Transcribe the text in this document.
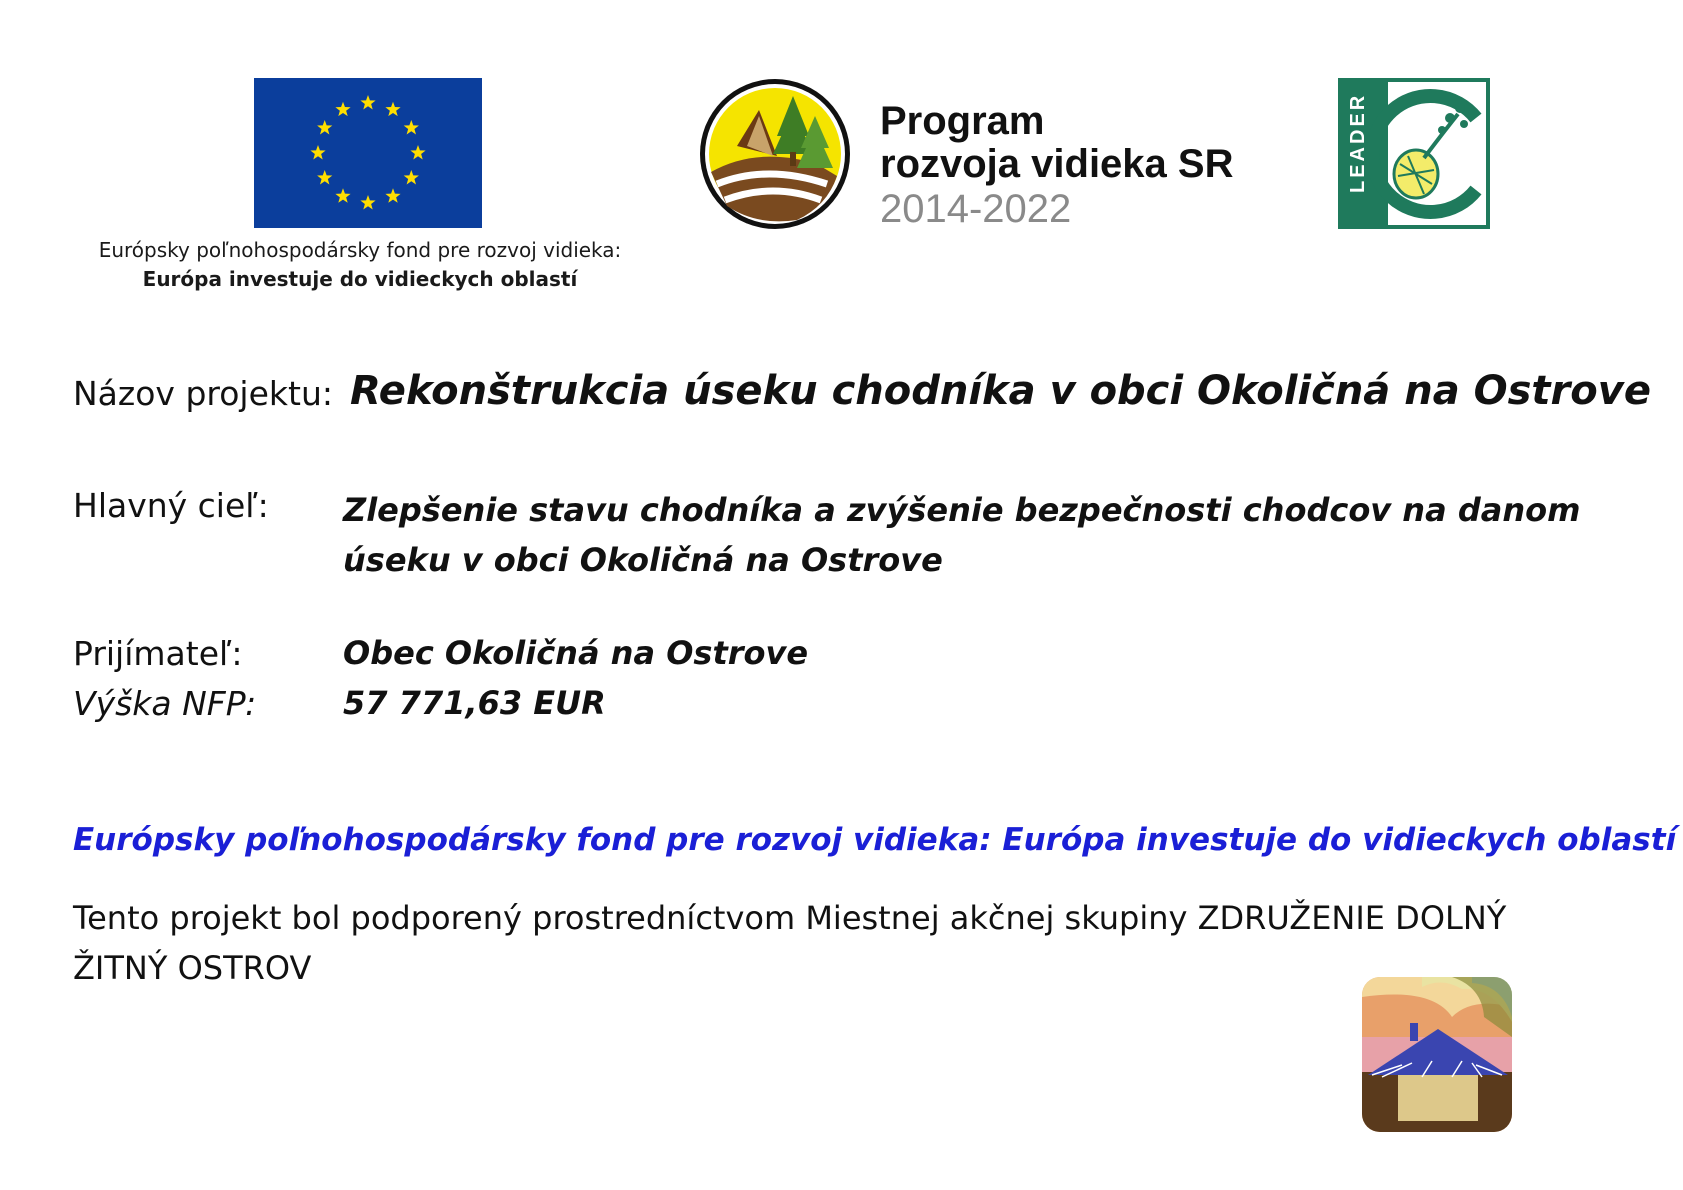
Európsky poľnohospodársky fond pre rozvoj vidieka:
Európa investuje do vidieckych oblastí
Program
rozvoja vidieka SR
2014-2022
LEADER
Názov projektu: Rekonštrukcia úseku chodníka v obci Okoličná na Ostrove
Hlavný cieľ: Zlepšenie stavu chodníka a zvýšenie bezpečnosti chodcov na danom úseku v obci Okoličná na Ostrove
Prijímateľ:	Obec Okoličná na Ostrove
Výška NFP:	57 771,63 EUR
Európsky poľnohospodársky fond pre rozvoj vidieka: Európa investuje do vidieckych oblastí
Tento projekt bol podporený prostredníctvom Miestnej akčnej skupiny ZDRUŽENIE DOLNÝ ŽITNÝ OSTROV
